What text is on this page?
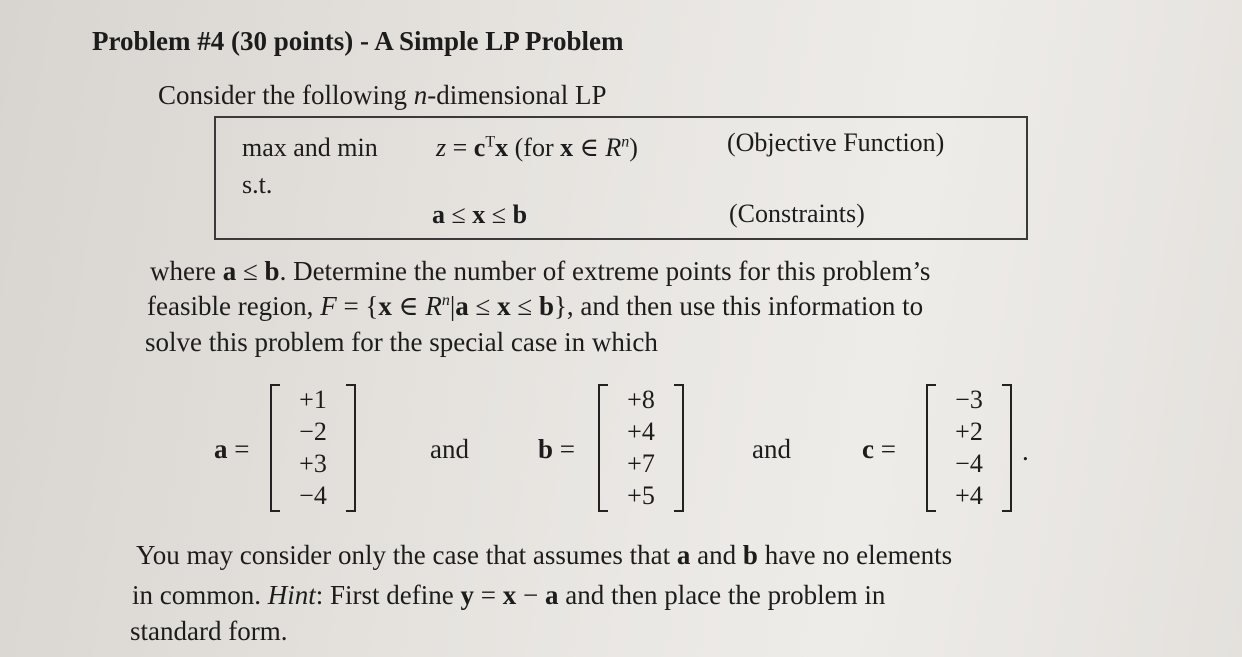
Problem #4 (30 points) - A Simple LP Problem
Consider the following n-dimensional LP
max and $\min z = c^Tx$ (for x ∈ $R^n$)	(Objective Function)
s.t.
a ≤ x ≤ b	(Constraints)
where a ≤ b. Determine the number of extreme points for this problem’s
feasible region, F = {x ∈ $R^n|a \le x \le b$}, and then use this information to
solve this problem for the special case in which
a =
+1
−2
+3
−4
and	b =
+8
+4
+7
+5
and	c =
−3
+2
−4
+4
.
You may consider only the case that assumes that a and b have no elements
in common. Hint: First define y = x − a and then place the problem in
standard form.
